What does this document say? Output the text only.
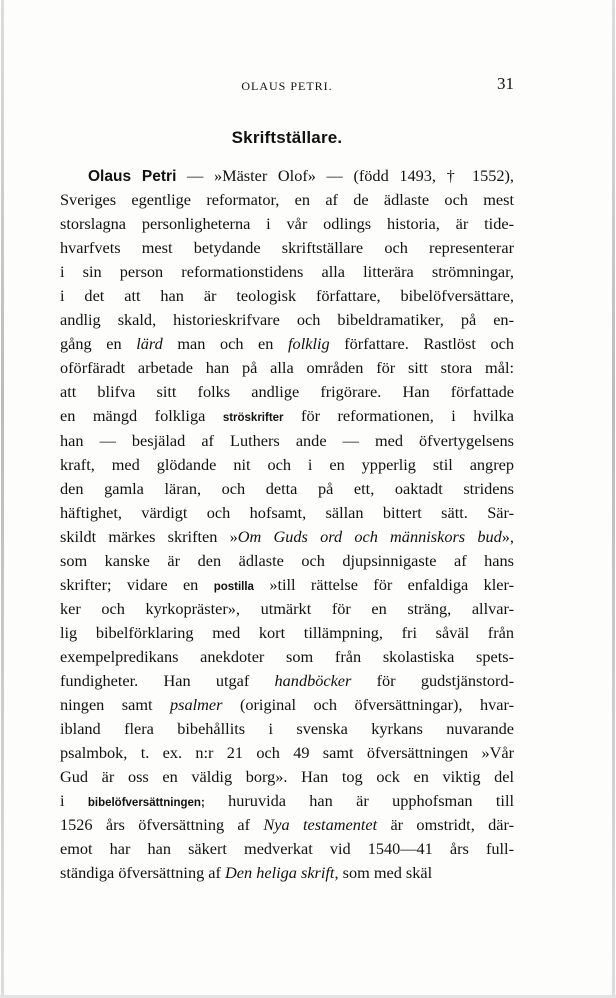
OLAUS PETRI.	31
Skriftställare.
Olaus Petri — »Mäster Olof» — (född 1493, † 1552),
Sveriges egentlige reformator, en af de ädlaste och mest
storslagna personligheterna i vår odlings historia, är tide-
hvarfvets mest betydande skriftställare och representerar
i sin person reformationstidens alla litterära strömningar,
i det att han är teologisk författare, bibelöfversättare,
andlig skald, historieskrifvare och bibeldramatiker, på en-
gång en lärd man och en folklig författare. Rastlöst och
oförfäradt arbetade han på alla områden för sitt stora mål:
att blifva sitt folks andlige frigörare. Han författade
en mängd folkliga ströskrifter för reformationen, i hvilka
han — besjälad af Luthers ande — med öfvertygelsens
kraft, med glödande nit och i en ypperlig stil angrep
den gamla läran, och detta på ett, oaktadt stridens
häftighet, värdigt och hofsamt, sällan bittert sätt. Sär-
skildt märkes skriften »Om Guds ord och människors bud»,
som kanske är den ädlaste och djupsinnigaste af hans
skrifter; vidare en postilla »till rättelse för enfaldiga kler-
ker och kyrkopräster», utmärkt för en sträng, allvar-
lig bibelförklaring med kort tillämpning, fri såväl från
exempelpredikans anekdoter som från skolastiska spets-
fundigheter. Han utgaf handböcker för gudstjänstord-
ningen samt psalmer (original och öfversättningar), hvar-
ibland flera bibehållits i svenska kyrkans nuvarande
psalmbok, t. ex. n:r 21 och 49 samt öfversättningen »Vår
Gud är oss en väldig borg». Han tog ock en viktig del
i bibelöfversättningen; huruvida han är upphofsman till
1526 års öfversättning af Nya testamentet är omstridt, där-
emot har han säkert medverkat vid 1540—41 års full-
ständiga öfversättning af Den heliga skrift, som med skäl
